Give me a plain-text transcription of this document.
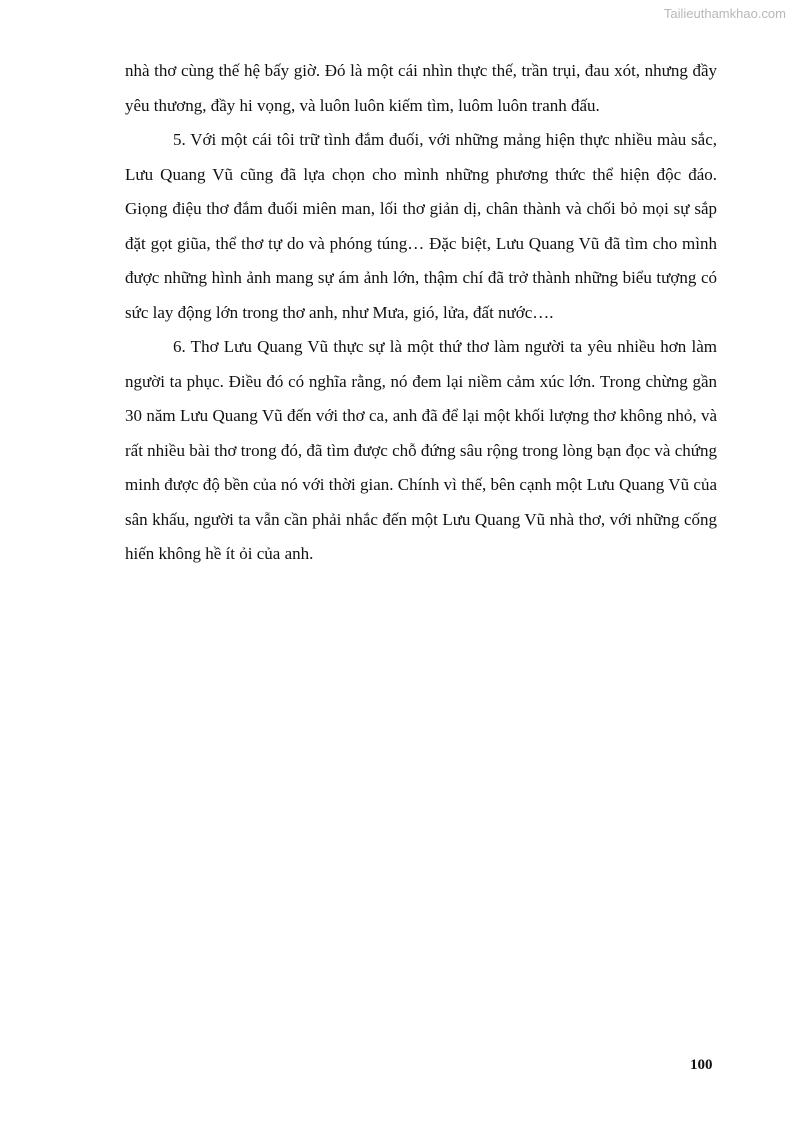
Tailieuthamkhao.com

nhà thơ cùng thế hệ bấy giờ. Đó là một cái nhìn thực thế, trần trụi, đau xót, nhưng đầy yêu thương, đầy hi vọng, và luôn luôn kiếm tìm, luôm luôn tranh đấu.

5. Với một cái tôi trữ tình đắm đuối, với những mảng hiện thực nhiều màu sắc, Lưu Quang Vũ cũng đã lựa chọn cho mình những phương thức thể hiện độc đáo. Giọng điệu thơ đắm đuối miên man, lối thơ giản dị, chân thành và chối bỏ mọi sự sắp đặt gọt giũa, thể thơ tự do và phóng túng… Đặc biệt, Lưu Quang Vũ đã tìm cho mình được những hình ảnh mang sự ám ảnh lớn, thậm chí đã trở thành những biểu tượng có sức lay động lớn trong thơ anh, như Mưa, gió, lửa, đất nước….

6. Thơ Lưu Quang Vũ thực sự là một thứ thơ làm người ta yêu nhiều hơn làm người ta phục. Điều đó có nghĩa rằng, nó đem lại niềm cảm xúc lớn. Trong chừng gần 30 năm Lưu Quang Vũ đến với thơ ca, anh đã để lại một khối lượng thơ không nhỏ, và rất nhiều bài thơ trong đó, đã tìm được chỗ đứng sâu rộng trong lòng bạn đọc và chứng minh được độ bền của nó với thời gian. Chính vì thế, bên cạnh một Lưu Quang Vũ của sân khấu, người ta vẫn cần phải nhắc đến một Lưu Quang Vũ nhà thơ, với những cống hiến không hề ít ỏi của anh.

100
